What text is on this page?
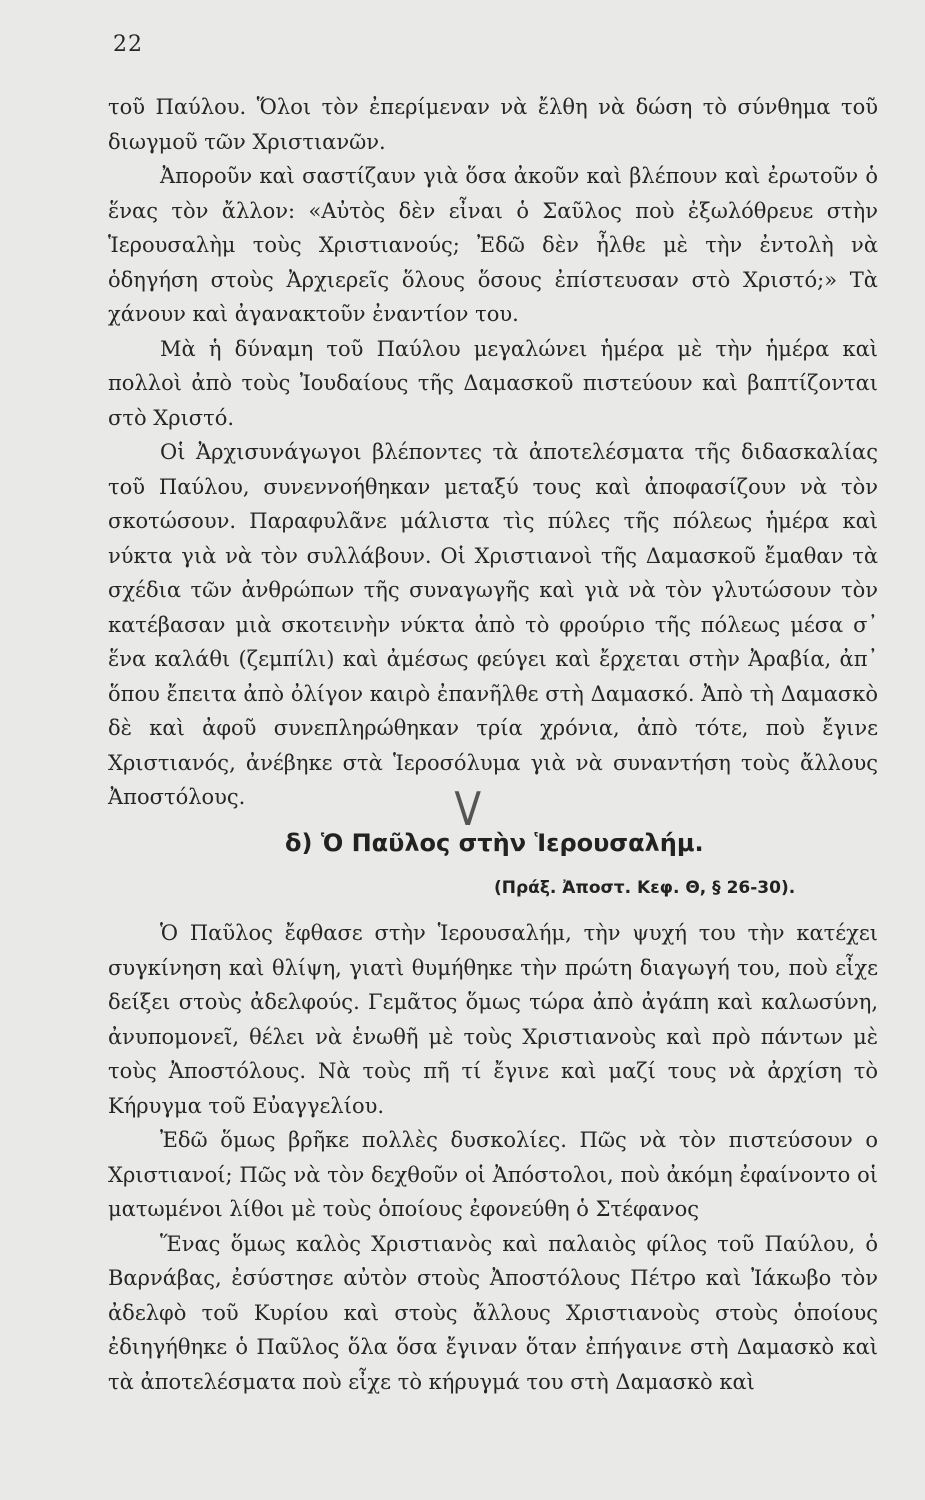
22

τοῦ Παύλου. Ὅλοι τὸν ἐπερίμεναν νὰ ἔλθη νὰ δώση τὸ σύνθημα τοῦ διωγμοῦ τῶν Χριστιανῶν.

Ἀπορoῦν καὶ σαστίζαυν γιὰ ὅσα ἀκοῦν καὶ βλέπουν καὶ ἐρωτοῦν ὁ ἕνας τὸν ἄλλον: «Αὐτὸς δὲν εἶναι ὁ Σαῦλος ποὺ ἐξωλόθρευε στὴν Ἱερουσαλὴμ τοὺς Χριστιανούς; Ἐδῶ δὲν ἦλθε μὲ τὴν ἐντολὴ νὰ ὁδηγήση στοὺς Ἀρχιερεῖς ὅλους ὅσους ἐπίστευσαν στὸ Χριστό;» Τὰ χάνουν καὶ ἀγανακτοῦν ἐναντίον του.

Μὰ ἡ δύναμη τοῦ Παύλου μεγαλώνει ἡμέρα μὲ τὴν ἡμέρα καὶ πολλοὶ ἀπὸ τοὺς Ἰουδαίους τῆς Δαμασκοῦ πιστεύουν καὶ βαπτίζονται στὸ Χριστό.

Οἱ Ἀρχισυνάγωγοι βλέποντες τὰ ἀποτελέσματα τῆς διδασκαλίας τοῦ Παύλου, συνεννοήθηκαν μεταξύ τους καὶ ἀποφασίζουν νὰ τὸν σκοτώσουν. Παραφυλᾶνε μάλιστα τὶς πύλες τῆς πόλεως ἡμέρα καὶ νύκτα γιὰ νὰ τὸν συλλάβουν. Οἱ Χριστιανοὶ τῆς Δαμασκοῦ ἔμαθαν τὰ σχέδια τῶν ἀνθρώπων τῆς συναγωγῆς καὶ γιὰ νὰ τὸν γλυτώσουν τὸν κατέβασαν μιὰ σκοτεινὴν νύκτα ἀπὸ τὸ φρούριο τῆς πόλεως μέσα σ᾽ ἕνα καλάθι (ζεμπίλι) καὶ ἀμέσως φεύγει καὶ ἔρχεται στὴν Ἀραβία, ἀπ᾽ ὅπου ἔπειτα ἀπὸ ὀλίγον καιρὸ ἐπανῆλθε στὴ Δαμασκό. Ἀπὸ τὴ Δαμασκὸ δὲ καὶ ἀφοῦ συνεπληρώθηκαν τρία χρόνια, ἀπὸ τότε, ποὺ ἔγινε Χριστιανός, ἀνέβηκε στὰ Ἱεροσόλυμα γιὰ νὰ συναντήση τοὺς ἄλλους Ἀποστόλους.	V
δ) Ὁ Παῦλος στὴν Ἱερουσαλήμ.
(Πράξ. Ἀποστ. Κεφ. Θ, § 26-30).

Ὁ Παῦλος ἔφθασε στὴν Ἱερουσαλήμ, τὴν ψυχή του τὴν κατέχει συγκίνηση καὶ θλίψη, γιατὶ θυμήθηκε τὴν πρώτη διαγωγή του, ποὺ εἶχε δείξει στοὺς ἀδελφούς. Γεμᾶτος ὅμως τώρα ἀπὸ ἀγάπη καὶ καλωσύνη, ἀνυπομονεῖ, θέλει νὰ ἑνωθῆ μὲ τοὺς Χριστιανοὺς καὶ πρὸ πάντων μὲ τοὺς Ἀποστόλους. Νὰ τοὺς πῆ τί ἔγινε καὶ μαζί τους νὰ ἀρχίση τὸ Κήρυγμα τοῦ Εὐαγγελίου.

Ἐδῶ ὅμως βρῆκε πολλὲς δυσκολίες. Πῶς νὰ τὸν πιστεύσουν ο Χριστιανοί; Πῶς νὰ τὸν δεχθοῦν οἱ Ἀπόστολοι, ποὺ ἀκόμη ἐφαίνοντο οἱ ματωμένοι λίθοι μὲ τοὺς ὁποίους ἐφονεύθη ὁ Στέφανος

Ἕνας ὅμως καλὸς Χριστιανὸς καὶ παλαιὸς φίλος τοῦ Παύλου, ὁ Βαρνάβας, ἐσύστησε αὐτὸν στοὺς Ἀποστόλους Πέτρο καὶ Ἰάκωβο τὸν ἀδελφὸ τοῦ Κυρίου καὶ στοὺς ἄλλους Χριστιανοὺς στοὺς ὁποίους ἐδιηγήθηκε ὁ Παῦλος ὅλα ὅσα ἔγιναν ὅταν ἐπήγαινε στὴ Δαμασκὸ καὶ τὰ ἀποτελέσματα ποὺ εἶχε τὸ κήρυγμά του στὴ Δαμασκὸ καὶ
